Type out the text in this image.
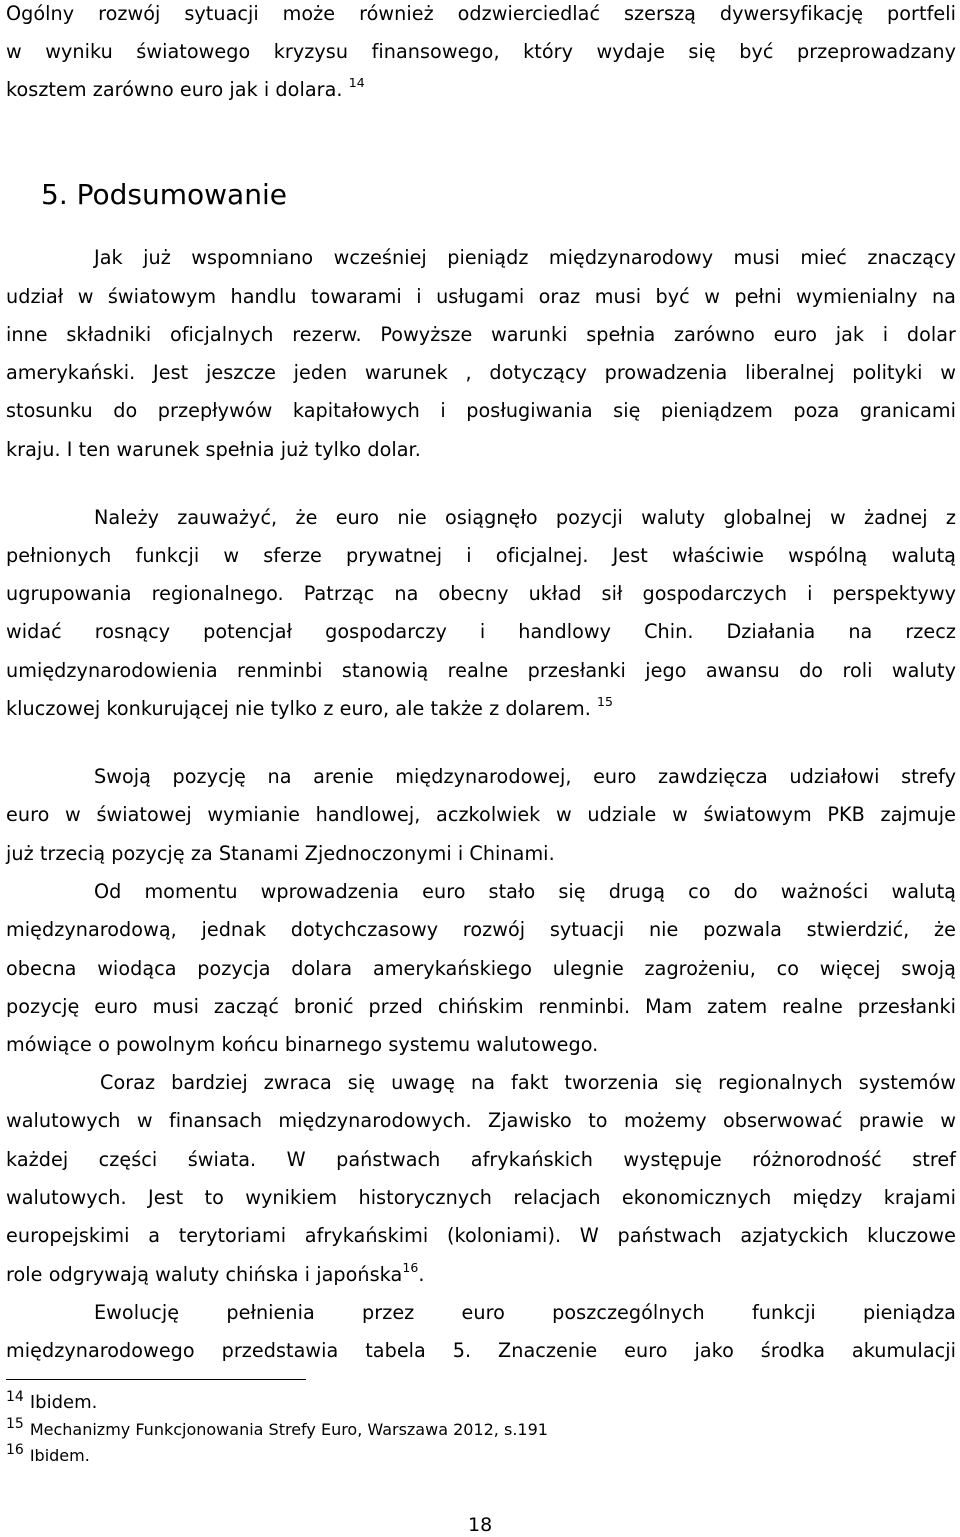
Ogólny rozwój sytuacji może również odzwierciedlać szerszą dywersyfikację portfeli
w wyniku światowego kryzysu finansowego, który wydaje się być przeprowadzany
kosztem zarówno euro jak i dolara. $^{14}$
5. Podsumowanie
Jak już wspomniano wcześniej pieniądz międzynarodowy musi mieć znaczący
udział w światowym handlu towarami i usługami oraz musi być w pełni wymienialny na
inne składniki oficjalnych rezerw. Powyższe warunki spełnia zarówno euro jak i dolar
amerykański. Jest jeszcze jeden warunek , dotyczący prowadzenia liberalnej polityki w
stosunku do przepływów kapitałowych i posługiwania się pieniądzem poza granicami
kraju. I ten warunek spełnia już tylko dolar.
Należy zauważyć, że euro nie osiągnęło pozycji waluty globalnej w żadnej z
pełnionych funkcji w sferze prywatnej i oficjalnej. Jest właściwie wspólną walutą
ugrupowania regionalnego. Patrząc na obecny układ sił gospodarczych i perspektywy
widać rosnący potencjał gospodarczy i handlowy Chin. Działania na rzecz
umiędzynarodowienia renminbi stanowią realne przesłanki jego awansu do roli waluty
kluczowej konkurującej nie tylko z euro, ale także z dolarem. $^{15}$
Swoją pozycję na arenie międzynarodowej, euro zawdzięcza udziałowi strefy
euro w światowej wymianie handlowej, aczkolwiek w udziale w światowym PKB zajmuje
już trzecią pozycję za Stanami Zjednoczonymi i Chinami.
Od momentu wprowadzenia euro stało się drugą co do ważności walutą
międzynarodową, jednak dotychczasowy rozwój sytuacji nie pozwala stwierdzić, że
obecna wiodąca pozycja dolara amerykańskiego ulegnie zagrożeniu, co więcej swoją
pozycję euro musi zacząć bronić przed chińskim renminbi. Mam zatem realne przesłanki
mówiące o powolnym końcu binarnego systemu walutowego.
Coraz bardziej zwraca się uwagę na fakt tworzenia się regionalnych systemów
walutowych w finansach międzynarodowych. Zjawisko to możemy obserwować prawie w
każdej części świata. W państwach afrykańskich występuje różnorodność stref
walutowych. Jest to wynikiem historycznych relacjach ekonomicznych między krajami
europejskimi a terytoriami afrykańskimi (koloniami). W państwach azjatyckich kluczowe
role odgrywają waluty chińska i japońska$^{16}$.
Ewolucję pełnienia przez euro poszczególnych funkcji pieniądza
międzynarodowego przedstawia tabela 5. Znaczenie euro jako środka akumulacji
14 Ibidem.
15 Mechanizmy Funkcjonowania Strefy Euro, Warszawa 2012, s.191
16 Ibidem.
18
